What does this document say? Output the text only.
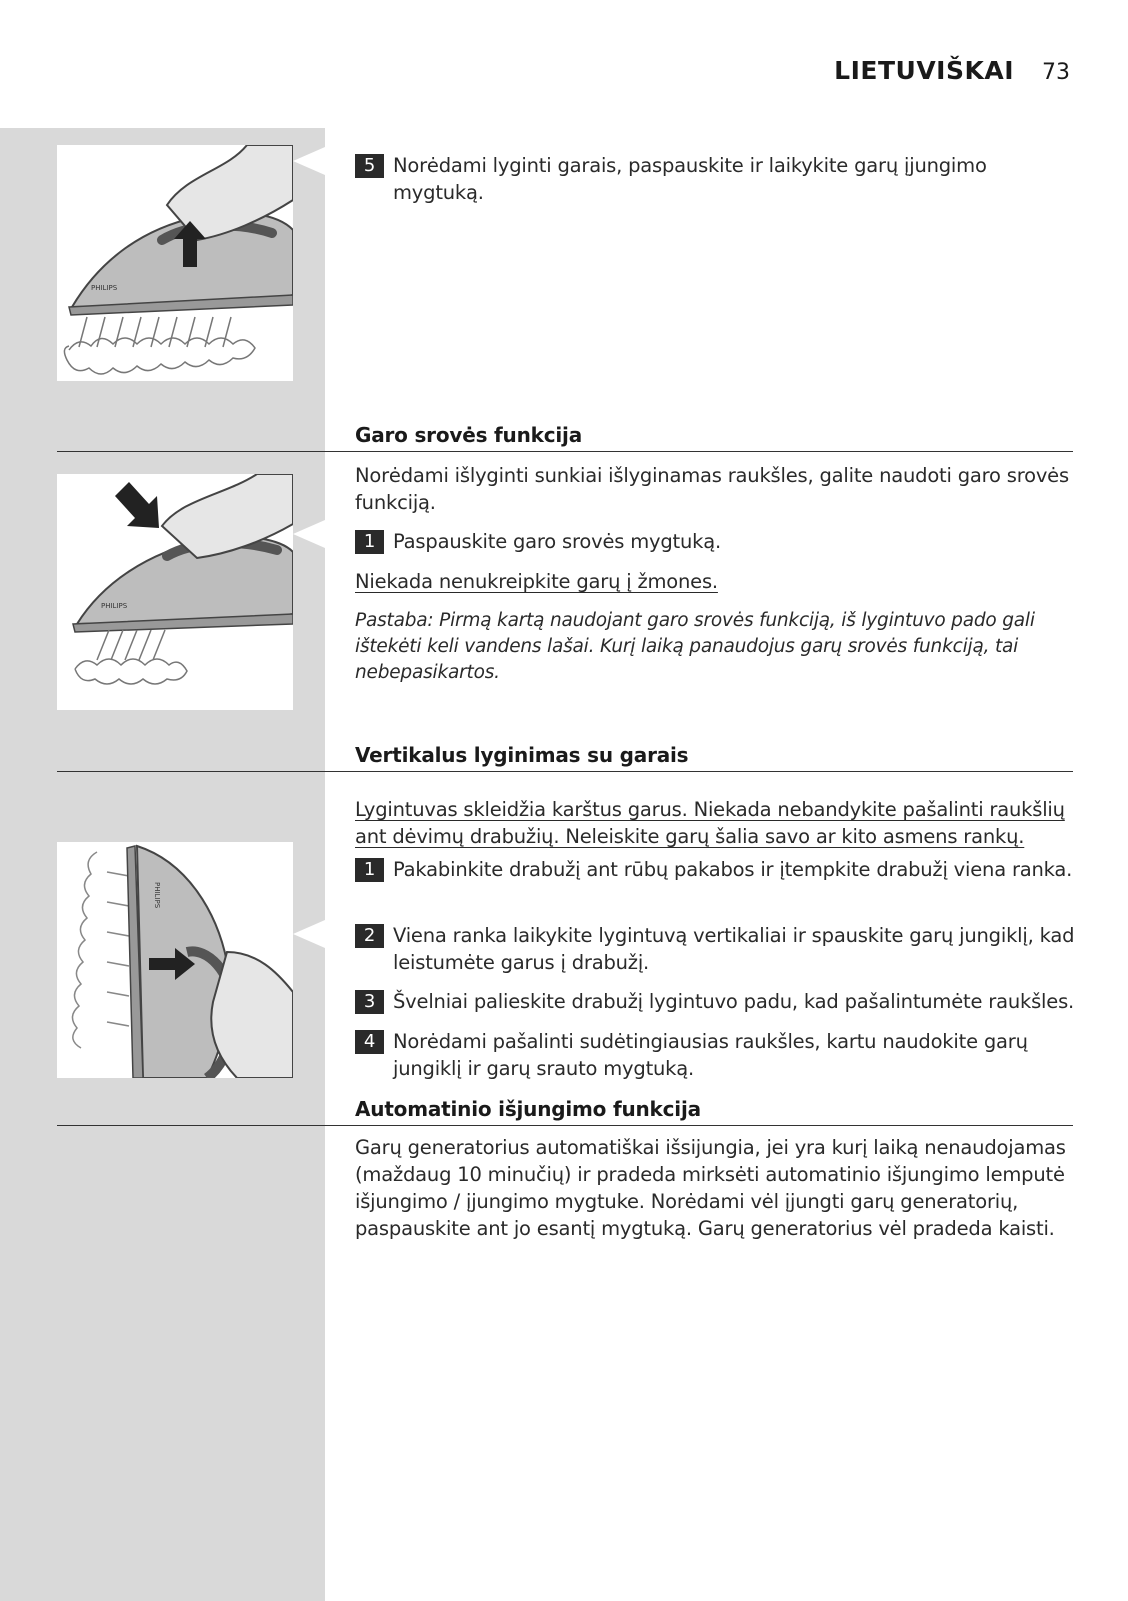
LIETUVIŠKAI 73
PHILIPS
5 Norėdami lyginti garais, paspauskite ir laikykite garų įjungimo mygtuką.
Garo srovės funkcija
PHILIPS
Norėdami išlyginti sunkiai išlyginamas raukšles, galite naudoti garo srovės funkciją.
1 Paspauskite garo srovės mygtuką.
Niekada nenukreipkite garų į žmones.
Pastaba: Pirmą kartą naudojant garo srovės funkciją, iš lygintuvo pado gali ištekėti keli vandens lašai. Kurį laiką panaudojus garų srovės funkciją, tai nebepasikartos.
Vertikalus lyginimas su garais
Lygintuvas skleidžia karštus garus. Niekada nebandykite pašalinti raukšlių ant dėvimų drabužių. Neleiskite garų šalia savo ar kito asmens rankų.
PHILIPS
1 Pakabinkite drabužį ant rūbų pakabos ir įtempkite drabužį viena ranka.
2 Viena ranka laikykite lygintuvą vertikaliai ir spauskite garų jungiklį, kad leistumėte garus į drabužį.
3 Švelniai palieskite drabužį lygintuvo padu, kad pašalintumėte raukšles.
4 Norėdami pašalinti sudėtingiausias raukšles, kartu naudokite garų jungiklį ir garų srauto mygtuką.
Automatinio išjungimo funkcija
Garų generatorius automatiškai išsijungia, jei yra kurį laiką nenaudojamas (maždaug 10 minučių) ir pradeda mirksėti automatinio išjungimo lemputė išjungimo / įjungimo mygtuke. Norėdami vėl įjungti garų generatorių, paspauskite ant jo esantį mygtuką. Garų generatorius vėl pradeda kaisti.
